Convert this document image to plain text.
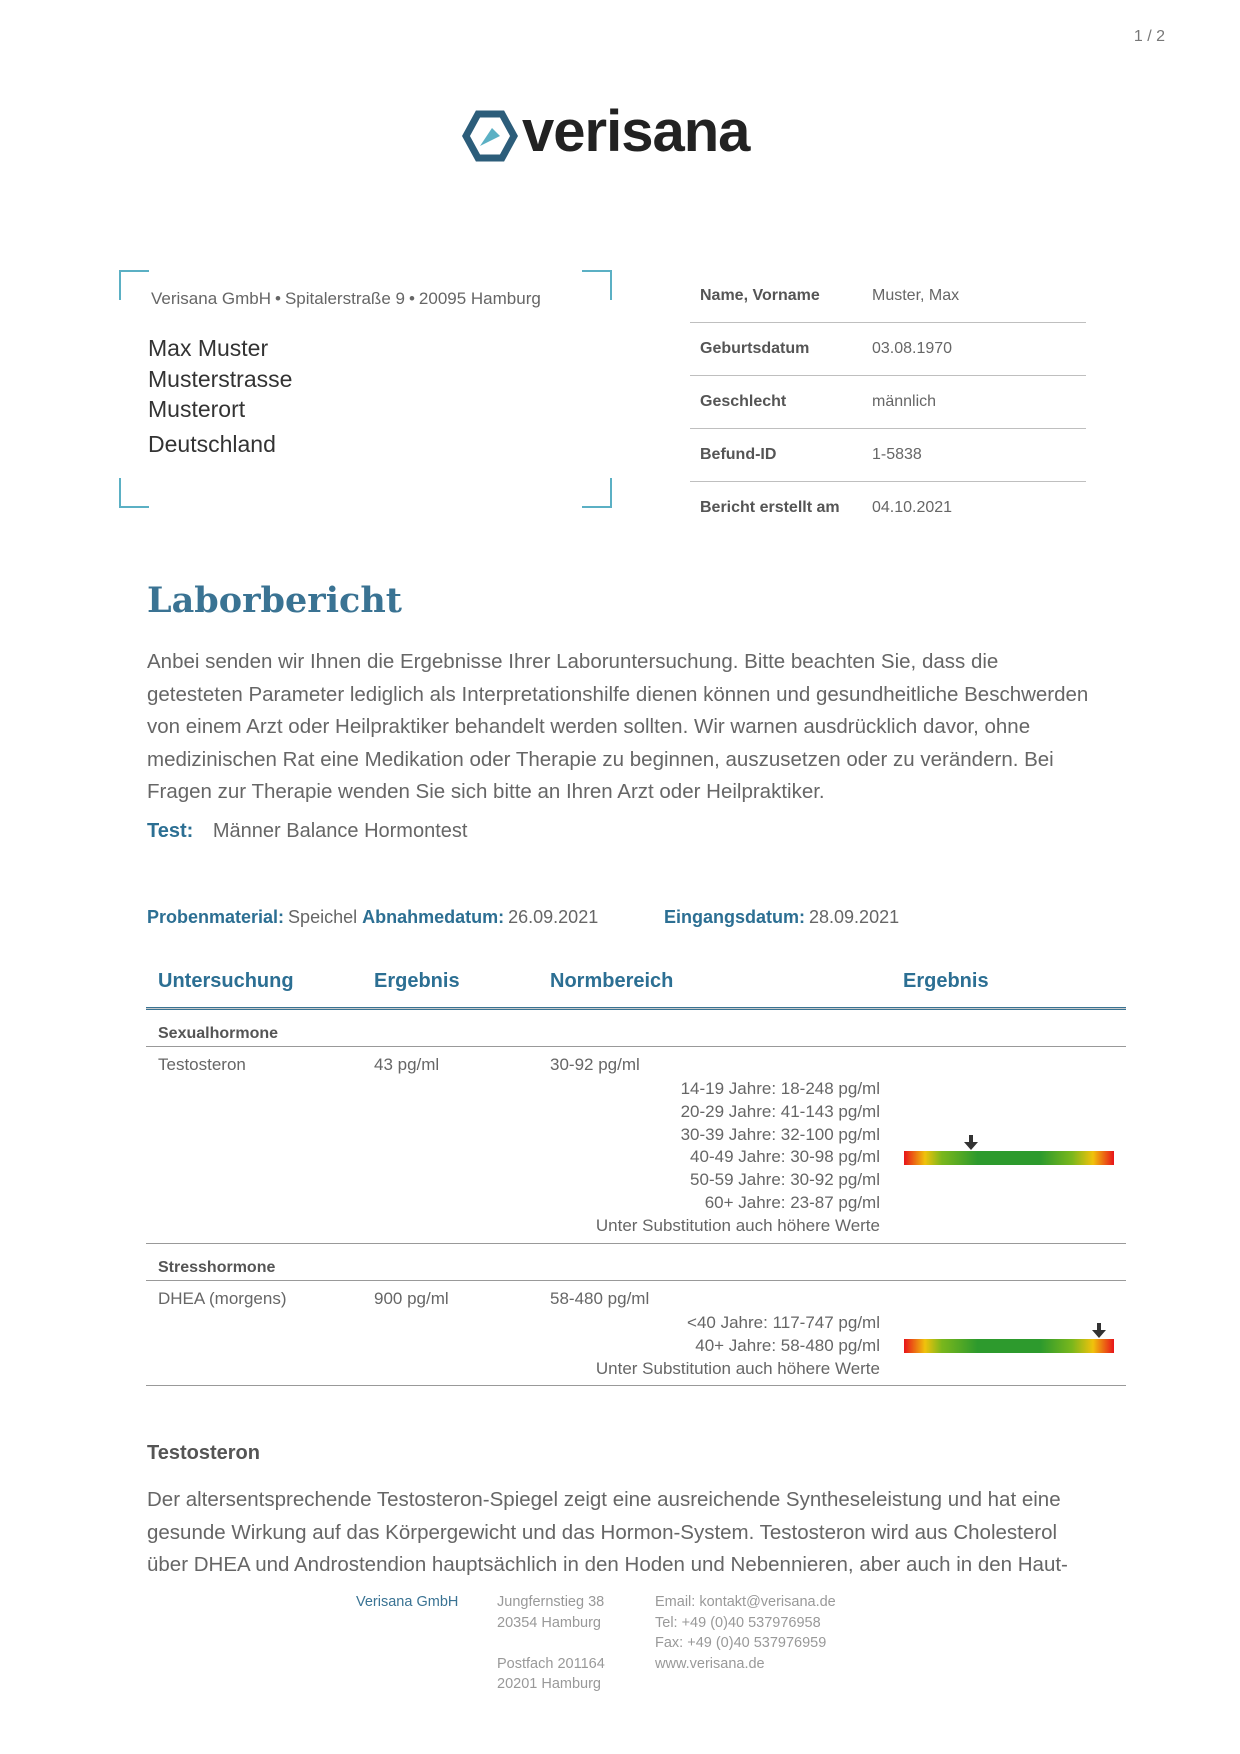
1 / 2
verisana
Verisana GmbH • Spitalerstraße 9 • 20095 Hamburg
Max Muster
Musterstrasse
Musterort
Deutschland
Name, Vorname	Muster, Max
Geburtsdatum	03.08.1970
Geschlecht	männlich
Befund-ID	1-5838
Bericht erstellt am	04.10.2021
Laborbericht
Anbei senden wir Ihnen die Ergebnisse Ihrer Laboruntersuchung. Bitte beachten Sie, dass die getesteten Parameter lediglich als Interpretationshilfe dienen können und gesundheitliche Beschwerden von einem Arzt oder Heilpraktiker behandelt werden sollten. Wir warnen ausdrücklich davor, ohne medizinischen Rat eine Medikation oder Therapie zu beginnen, auszusetzen oder zu verändern. Bei Fragen zur Therapie wenden Sie sich bitte an Ihren Arzt oder Heilpraktiker.
Test: Männer Balance Hormontest
Probenmaterial: Speichel Abnahmedatum: 26.09.2021	Eingangsdatum: 28.09.2021
Untersuchung	Ergebnis	Normbereich	Ergebnis
Sexualhormone
Testosteron	43 pg/ml	30-92 pg/ml
14-19 Jahre: 18-248 pg/ml
20-29 Jahre: 41-143 pg/ml
30-39 Jahre: 32-100 pg/ml
40-49 Jahre: 30-98 pg/ml
50-59 Jahre: 30-92 pg/ml
60+ Jahre: 23-87 pg/ml
Unter Substitution auch höhere Werte
Stresshormone
DHEA (morgens)	900 pg/ml	58-480 pg/ml
<40 Jahre: 117-747 pg/ml
40+ Jahre: 58-480 pg/ml
Unter Substitution auch höhere Werte
Testosteron
Der altersentsprechende Testosteron-Spiegel zeigt eine ausreichende Syntheseleistung und hat eine gesunde Wirkung auf das Körpergewicht und das Hormon-System. Testosteron wird aus Cholesterol über DHEA und Androstendion hauptsächlich in den Hoden und Nebennieren, aber auch in den Haut-
Verisana GmbH	Jungfernstieg 38
20354 Hamburg
Postfach 201164
20201 Hamburg
Email: kontakt@verisana.de
Tel: +49 (0)40 537976958
Fax: +49 (0)40 537976959
www.verisana.de
